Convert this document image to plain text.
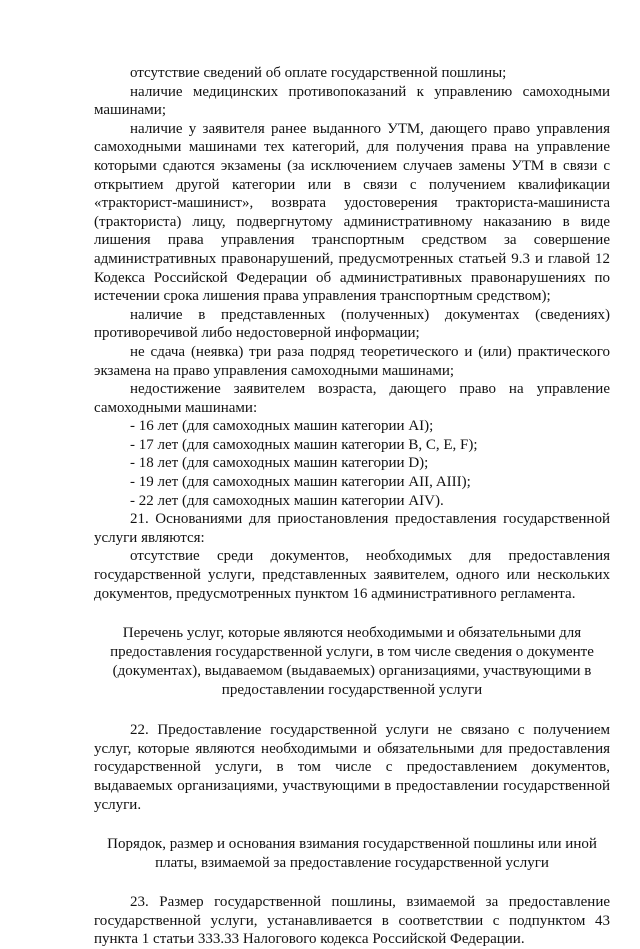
отсутствие сведений об оплате государственной пошлины;

наличие медицинских противопоказаний к управлению самоходными машинами;

наличие у заявителя ранее выданного УТМ, дающего право управления самоходными машинами тех категорий, для получения права на управление которыми сдаются экзамены (за исключением случаев замены УТМ в связи с открытием другой категории или в связи с получением квалификации «тракторист-машинист», возврата удостоверения тракториста-машиниста (тракториста) лицу, подвергнутому административному наказанию в виде лишения права управления транспортным средством за совершение административных правонарушений, предусмотренных статьей 9.3 и главой 12 Кодекса Российской Федерации об административных правонарушениях по истечении срока лишения права управления транспортным средством);

наличие в представленных (полученных) документах (сведениях) противоречивой либо недостоверной информации;

не сдача (неявка) три раза подряд теоретического и (или) практического экзамена на право управления самоходными машинами;

недостижение заявителем возраста, дающего право на управление самоходными машинами:

- 16 лет (для самоходных машин категории AI);

- 17 лет (для самоходных машин категории B, C, E, F);

- 18 лет (для самоходных машин категории D);

- 19 лет (для самоходных машин категории AII, AIII);

- 22 лет (для самоходных машин категории AIV).

21. Основаниями для приостановления предоставления государственной услуги являются:

отсутствие среди документов, необходимых для предоставления государственной услуги, представленных заявителем, одного или нескольких документов, предусмотренных пунктом 16 административного регламента.

Перечень услуг, которые являются необходимыми и обязательными для предоставления государственной услуги, в том числе сведения о документе (документах), выдаваемом (выдаваемых) организациями, участвующими в предоставлении государственной услуги

22. Предоставление государственной услуги не связано с получением услуг, которые являются необходимыми и обязательными для предоставления государственной услуги, в том числе с предоставлением документов, выдаваемых организациями, участвующими в предоставлении государственной услуги.

Порядок, размер и основания взимания государственной пошлины или иной платы, взимаемой за предоставление государственной услуги

23. Размер государственной пошлины, взимаемой за предоставление государственной услуги, устанавливается в соответствии с подпунктом 43 пункта 1 статьи 333.33 Налогового кодекса Российской Федерации.
